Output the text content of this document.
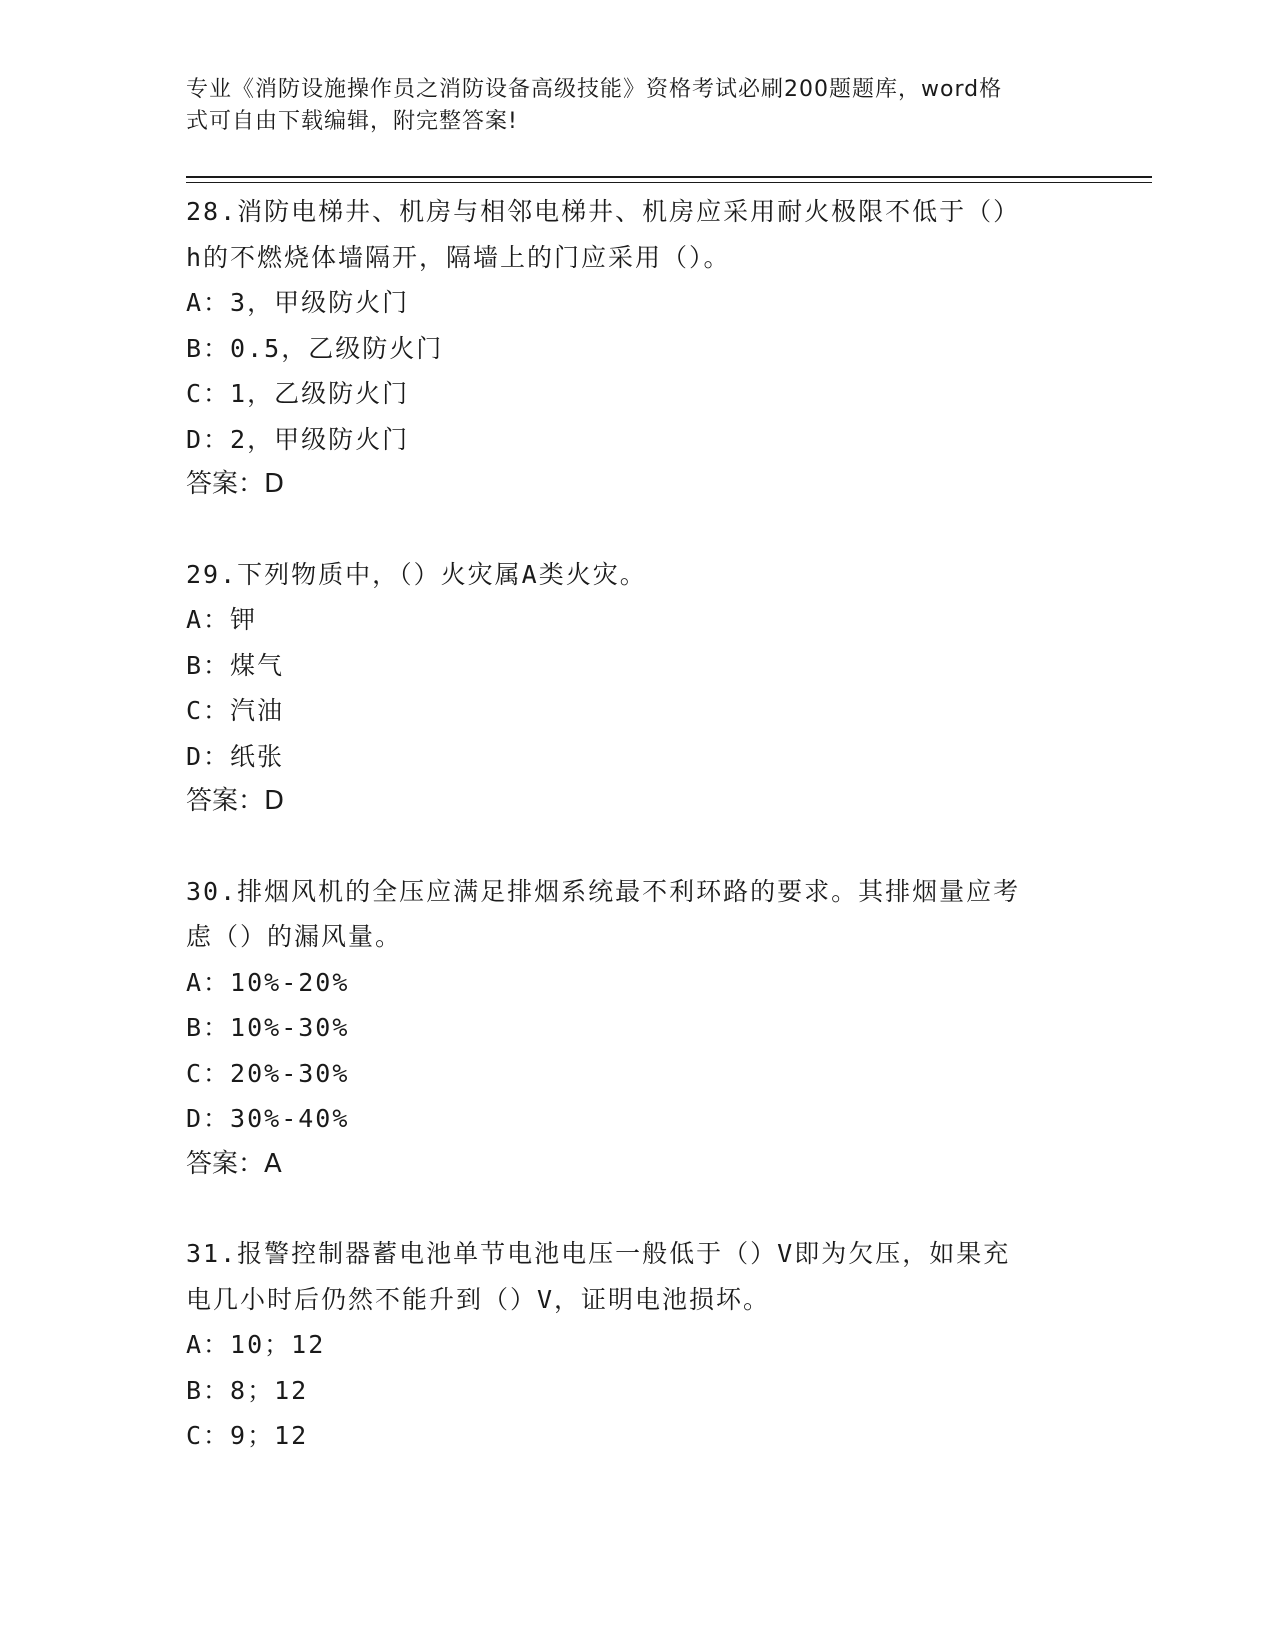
专业《消防设施操作员之消防设备高级技能》资格考试必刷200题题库，word格
式可自由下载编辑，附完整答案!

28.消防电梯井、机房与相邻电梯井、机房应采用耐火极限不低于（）

h的不燃烧体墙隔开，隔墙上的门应采用（）。

A：3，甲级防火门

B：0.5，乙级防火门

C：1，乙级防火门

D：2，甲级防火门

答案：D

29.下列物质中，（）火灾属A类火灾。

A：钾

B：煤气

C：汽油

D：纸张

答案：D

30.排烟风机的全压应满足排烟系统最不利环路的要求。其排烟量应考

虑（）的漏风量。

A：10%-20%

B：10%-30%

C：20%-30%

D：30%-40%

答案：A

31.报警控制器蓄电池单节电池电压一般低于（）V即为欠压，如果充

电几小时后仍然不能升到（）V，证明电池损坏。

A：10；12

B：8；12

C：9；12
